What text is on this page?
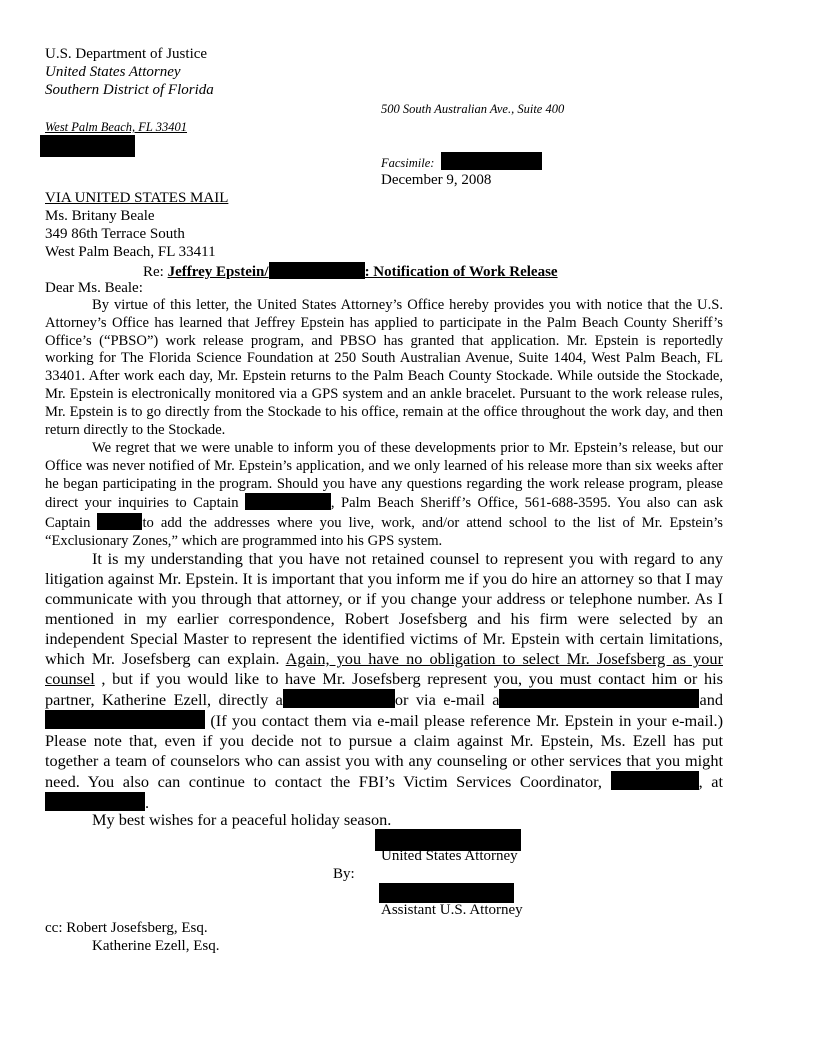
U.S. Department of Justice
United States Attorney
Southern District of Florida
500 South Australian Ave., Suite 400
West Palm Beach, FL 33401
Facsimile:
December 9, 2008
VIA UNITED STATES MAIL
Ms. Britany Beale
349 86th Terrace South
West Palm Beach, FL 33411
Re: Jeffrey Epstein/	: Notification of Work Release
Dear Ms. Beale:
By virtue of this letter, the United States Attorney’s Office hereby provides you with notice that the U.S. Attorney’s Office has learned that Jeffrey Epstein has applied to participate in the Palm Beach County Sheriff’s Office’s (“PBSO”) work release program, and PBSO has granted that application. Mr. Epstein is reportedly working for The Florida Science Foundation at 250 South Australian Avenue, Suite 1404, West Palm Beach, FL 33401. After work each day, Mr. Epstein returns to the Palm Beach County Stockade. While outside the Stockade, Mr. Epstein is electronically monitored via a GPS system and an ankle bracelet. Pursuant to the work release rules, Mr. Epstein is to go directly from the Stockade to his office, remain at the office throughout the work day, and then return directly to the Stockade.
We regret that we were unable to inform you of these developments prior to Mr. Epstein’s release, but our Office was never notified of Mr. Epstein’s application, and we only learned of his release more than six weeks after he began participating in the program. Should you have any questions regarding the work release program, please direct your inquiries to Captain	, Palm Beach Sheriff’s Office, 561-688-3595. You also can ask Captain	to add the addresses where you live, work, and/or attend school to the list of Mr. Epstein’s “Exclusionary Zones,” which are programmed into his GPS system.
It is my understanding that you have not retained counsel to represent you with regard to any litigation against Mr. Epstein. It is important that you inform me if you do hire an attorney so that I may communicate with you through that attorney, or if you change your address or telephone number. As I mentioned in my earlier correspondence, Robert Josefsberg and his firm were selected by an independent Special Master to represent the identified victims of Mr. Epstein with certain limitations, which Mr. Josefsberg can explain. Again, you have no obligation to select Mr. Josefsberg as your counsel , but if you would like to have Mr. Josefsberg represent you, you must contact him or his partner, Katherine Ezell, directly a	or via e-mail a	and (If you contact them via e-mail please reference Mr. Epstein in your e-mail.) Please note that, even if you decide not to pursue a claim against Mr. Epstein, Ms. Ezell has put together a team of counselors who can assist you with any counseling or other services that you might need. You also can continue to contact the FBI’s Victim Services Coordinator,	, at.
My best wishes for a peaceful holiday season.
United States Attorney
By:
Assistant U.S. Attorney
cc: Robert Josefsberg, Esq.
Katherine Ezell, Esq.
